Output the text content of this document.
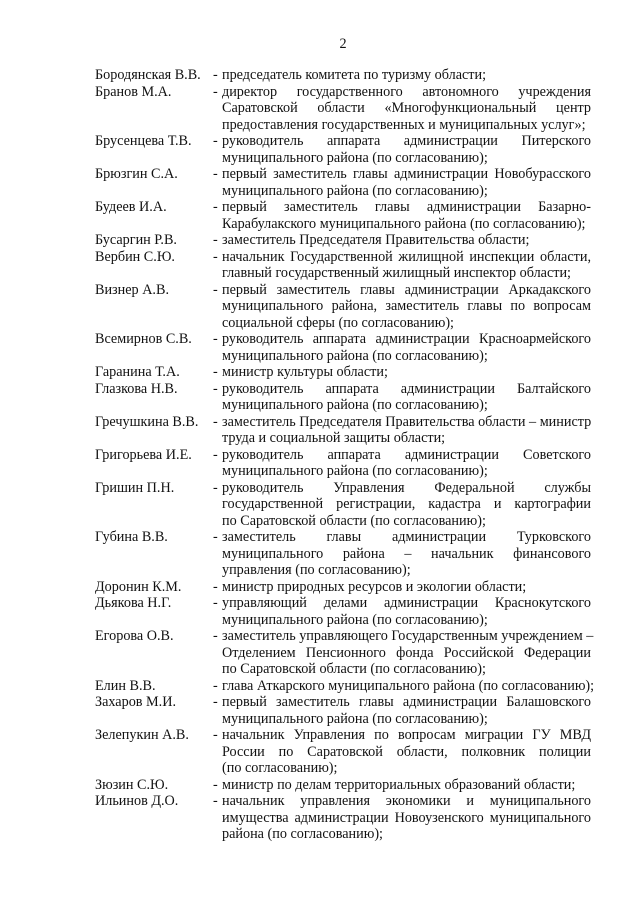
2
Бородянская В.В. - председатель комитета по туризму области;
Бранов М.А.	- директор государственного автономного учреждения
Саратовской области «Многофункциональный центр
предоставления государственных и муниципальных услуг»;
Брусенцева Т.В.	- руководитель аппарата администрации Питерского
муниципального района (по согласованию);
Брюзгин С.А.	- первый заместитель главы администрации Новобурасского
муниципального района (по согласованию);
Будеев И.А.	- первый заместитель главы администрации Базарно-
Карабулакского муниципального района (по согласованию);
Бусаргин Р.В.	- заместитель Председателя Правительства области;
Вербин С.Ю.	- начальник Государственной жилищной инспекции области,
главный государственный жилищный инспектор области;
Визнер А.В.	- первый заместитель главы администрации Аркадакского
муниципального района, заместитель главы по вопросам
социальной сферы (по согласованию);
Всемирнов С.В.	- руководитель аппарата администрации Красноармейского
муниципального района (по согласованию);
Гаранина Т.А.	- министр культуры области;
Глазкова Н.В.	- руководитель аппарата администрации Балтайского
муниципального района (по согласованию);
Гречушкина В.В.	- заместитель Председателя Правительства области – министр
труда и социальной защиты области;
Григорьева И.Е.	- руководитель аппарата администрации Советского
муниципального района (по согласованию);
Гришин П.Н.	- руководитель Управления Федеральной службы
государственной регистрации, кадастра и картографии
по Саратовской области (по согласованию);
Губина В.В.	- заместитель главы администрации Турковского
муниципального района – начальник финансового
управления (по согласованию);
Доронин К.М.	- министр природных ресурсов и экологии области;
Дьякова Н.Г.	- управляющий делами администрации Краснокутского
муниципального района (по согласованию);
Егорова О.В.	- заместитель управляющего Государственным учреждением –
Отделением Пенсионного фонда Российской Федерации
по Саратовской области (по согласованию);
Елин В.В.	- глава Аткарского муниципального района (по согласованию);
Захаров М.И.	- первый заместитель главы администрации Балашовского
муниципального района (по согласованию);
Зелепукин А.В.	- начальник Управления по вопросам миграции ГУ МВД
России по Саратовской области, полковник полиции
(по согласованию);
Зюзин С.Ю.	- министр по делам территориальных образований области;
Ильинов Д.О.	- начальник управления экономики и муниципального
имущества администрации Новоузенского муниципального
района (по согласованию);
